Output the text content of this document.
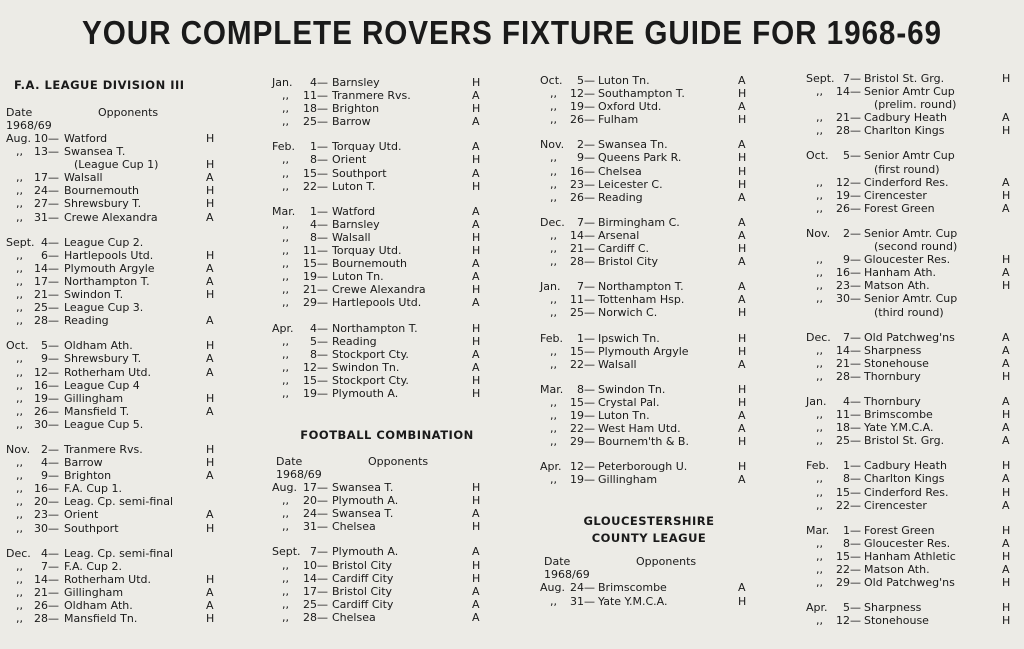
YOUR COMPLETE ROVERS FIXTURE GUIDE FOR 1968-69
F.A. LEAGUE DIVISION III
Date	Opponents
1968/69
Aug. 10 — Watford	H
,,	13 — Swansea T.
(League Cup 1)	H
,,	17 — Walsall	A
,,	24 — Bournemouth	H
,,	27 — Shrewsbury T.	H
,,	31 — Crewe Alexandra	A
Sept. 4 — League Cup 2.
,,	6 — Hartlepools Utd.	H
,,	14 — Plymouth Argyle	A
,,	17 — Northampton T.	A
,,	21 — Swindon T.	H
,,	25 — League Cup 3.
,,	28 — Reading	A
Oct.	5 — Oldham Ath.	H
,,	9 — Shrewsbury T.	A
,,	12 — Rotherham Utd.	A
,,	16 — League Cup 4
,,	19 — Gillingham	H
,,	26 — Mansfield T.	A
,,	30 — League Cup 5.
Nov. 2 — Tranmere Rvs.	H
,,	4 — Barrow	H
,,	9 — Brighton	A
,,	16 — F.A. Cup 1.
,,	20 — Leag. Cp. semi-final
,,	23 — Orient	A
,,	30 — Southport	H
Dec. 4 — Leag. Cp. semi-final
,,	7 — F.A. Cup 2.
,,	14 — Rotherham Utd.	H
,,	21 — Gillingham	A
,,	26 — Oldham Ath.	A
,,	28 — Mansfield Tn.	H
Jan.	4 — Barnsley	H
,,	11 — Tranmere Rvs.	A
,,	18 — Brighton	H
,,	25 — Barrow	A
Feb.	1 — Torquay Utd.	A
,,	8 — Orient	H
,,	15 — Southport	A
,,	22 — Luton T.	H
Mar.	1 — Watford	A
,,	4 — Barnsley	A
,,	8 — Walsall	H
,,	11 — Torquay Utd.	H
,,	15 — Bournemouth	A
,,	19 — Luton Tn.	A
,,	21 — Crewe Alexandra	H
,,	29 — Hartlepools Utd.	A
Apr.	4 — Northampton T.	H
,,	5 — Reading	H
,,	8 — Stockport Cty.	A
,,	12 — Swindon Tn.	A
,,	15 — Stockport Cty.	H
,,	19 — Plymouth A.	H
FOOTBALL COMBINATION
Date	Opponents
1968/69
Aug. 17 — Swansea T.	H
,,	20 — Plymouth A.	H
,,	24 — Swansea T.	A
,,	31 — Chelsea	H
Sept. 7 — Plymouth A.	A
,,	10 — Bristol City	H
,,	14 — Cardiff City	H
,,	17 — Bristol City	A
,,	25 — Cardiff City	A
,,	28 — Chelsea	A
Oct.	5 — Luton Tn.	A
,,	12 — Southampton T.	H
,,	19 — Oxford Utd.	A
,,	26 — Fulham	H
Nov.	2 — Swansea Tn.	A
,,	9 — Queens Park R.	H
,,	16 — Chelsea	H
,,	23 — Leicester C.	H
,,	26 — Reading	A
Dec.	7 — Birmingham C.	A
,,	14 — Arsenal	A
,,	21 — Cardiff C.	H
,,	28 — Bristol City	A
Jan.	7 — Northampton T.	A
,,	11 — Tottenham Hsp.	A
,,	25 — Norwich C.	H
Feb.	1 — Ipswich Tn.	H
,,	15 — Plymouth Argyle	H
,,	22 — Walsall	A
Mar.	8 — Swindon Tn.	H
,,	15 — Crystal Pal.	H
,,	19 — Luton Tn.	A
,,	22 — West Ham Utd.	A
,,	29 — Bournem'th & B.	H
Apr. 12 — Peterborough U.	H
,,	19 — Gillingham	A
GLOUCESTERSHIRE
COUNTY LEAGUE
Date	Opponents
1968/69
Aug. 24 — Brimscombe	A
,,	31 — Yate Y.M.C.A.	H
Sept. 7 — Bristol St. Grg.	H
,,	14 — Senior Amtr Cup
(prelim. round)
,,	21 — Cadbury Heath	A
,,	28 — Charlton Kings	H
Oct.	5 — Senior Amtr Cup
(first round)
,,	12 — Cinderford Res.	A
,,	19 — Cirencester	H
,,	26 — Forest Green	A
Nov.	2 — Senior Amtr. Cup
(second round)
,,	9 — Gloucester Res.	H
,,	16 — Hanham Ath.	A
,,	23 — Matson Ath.	H
,,	30 — Senior Amtr. Cup
(third round)
Dec.	7 — Old Patchweg'ns	A
,,	14 — Sharpness	A
,,	21 — Stonehouse	A
,,	28 — Thornbury	H
Jan.	4 — Thornbury	A
,,	11 — Brimscombe	H
,,	18 — Yate Y.M.C.A.	A
,,	25 — Bristol St. Grg.	A
Feb.	1 — Cadbury Heath	H
,,	8 — Charlton Kings	A
,,	15 — Cinderford Res.	H
,,	22 — Cirencester	A
Mar.	1 — Forest Green	H
,,	8 — Gloucester Res.	A
,,	15 — Hanham Athletic	H
,,	22 — Matson Ath.	A
,,	29 — Old Patchweg'ns	H
Apr.	5 — Sharpness	H
,,	12 — Stonehouse	H
